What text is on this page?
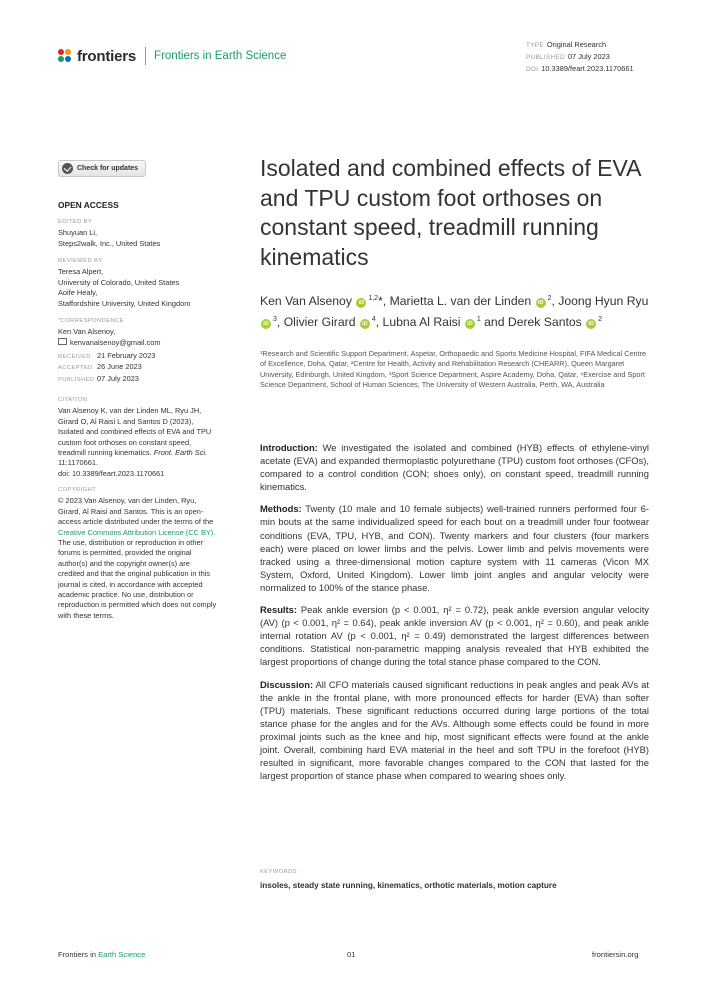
frontiers Frontiers in Earth Science
TYPE Original Research
PUBLISHED 07 July 2023
DOI 10.3389/feart.2023.1170661
Check for updates
OPEN ACCESS
EDITED BY
Shuyuan Li,
Steps2walk, Inc., United States
REVIEWED BY
Teresa Alpert,
University of Colorado, United States
Aoife Healy,
Staffordshire University, United Kingdom
*CORRESPONDENCE
Ken Van Alsenoy,
kenvanalsenoy@gmail.com
RECEIVED 21 February 2023
ACCEPTED 26 June 2023
PUBLISHED 07 July 2023
CITATION
Van Alsenoy K, van der Linden ML, Ryu JH, Girard O, Al Raisi L and Santos D (2023), Isolated and combined effects of EVA and TPU custom foot orthoses on constant speed, treadmill running kinematics. Front. Earth Sci. 11:1170661.
doi: 10.3389/feart.2023.1170661
COPYRIGHT
© 2023 Van Alsenoy, van der Linden, Ryu, Girard, Al Raisi and Santos. This is an open-access article distributed under the terms of the Creative Commons Attribution License (CC BY). The use, distribution or reproduction in other forums is permitted, provided the original author(s) and the copyright owner(s) are credited and that the original publication in this journal is cited, in accordance with accepted academic practice. No use, distribution or reproduction is permitted which does not comply with these terms.
Isolated and combined effects of EVA and TPU custom foot orthoses on constant speed, treadmill running kinematics
Ken Van Alsenoy iD$^{1,2}$*, Marietta L. van der Linden $iD^2$, Joong Hyun Ryu $iD^3$, Olivier Girard $iD^4$, Lubna Al Raisi $iD^1$ and Derek Santos $iD^2$
¹Research and Scientific Support Department, Aspetar, Orthopaedic and Sports Medicine Hospital, FIFA Medical Centre of Excellence, Doha, Qatar, ²Centre for Health, Activity and Rehabilitation Research (CHEARR), Queen Margaret University, Edinburgh, United Kingdom, ³Sport Science Department, Aspire Academy, Doha, Qatar, ⁴Exercise and Sport Science Department, School of Human Sciences, The University of Western Australia, Perth, WA, Australia

Introduction: We investigated the isolated and combined (HYB) effects of ethylene-vinyl acetate (EVA) and expanded thermoplastic polyurethane (TPU) custom foot orthoses (CFOs), compared to a control condition (CON; shoes only), on constant speed, treadmill running kinematics.

Methods: Twenty (10 male and 10 female subjects) well-trained runners performed four 6-min bouts at the same individualized speed for each bout on a treadmill under four footwear conditions (EVA, TPU, HYB, and CON). Twenty markers and four clusters (four markers each) were placed on lower limbs and the pelvis. Lower limb and pelvis movements were tracked using a three-dimensional motion capture system with 11 cameras (Vicon MX System, Oxford, United Kingdom). Lower limb joint angles and angular velocity were normalized to 100% of the stance phase.

Results: Peak ankle eversion (p < 0.001, η² = 0.72), peak ankle eversion angular velocity (AV) (p < 0.001, η² = 0.64), peak ankle inversion AV (p < 0.001, η² = 0.60), and peak ankle internal rotation AV (p < 0.001, η² = 0.49) demonstrated the largest differences between conditions. Statistical non-parametric mapping analysis revealed that HYB exhibited the largest proportions of change during the total stance phase compared to the CON.

Discussion: All CFO materials caused significant reductions in peak angles and peak AVs at the ankle in the frontal plane, with more pronounced effects for harder (EVA) than softer (TPU) materials. These significant reductions occurred during large portions of the total stance phase for the angles and for the AVs. Although some effects could be found in more proximal joints such as the knee and hip, most significant effects were found at the ankle joint. Overall, combining hard EVA material in the heel and soft TPU in the forefoot (HYB) resulted in significant, more favorable changes compared to the CON that lasted for the largest proportion of stance phase when compared to wearing shoes only.

KEYWORDS
insoles, steady state running, kinematics, orthotic materials, motion capture
Frontiers in Earth Science	01	frontiersin.org
